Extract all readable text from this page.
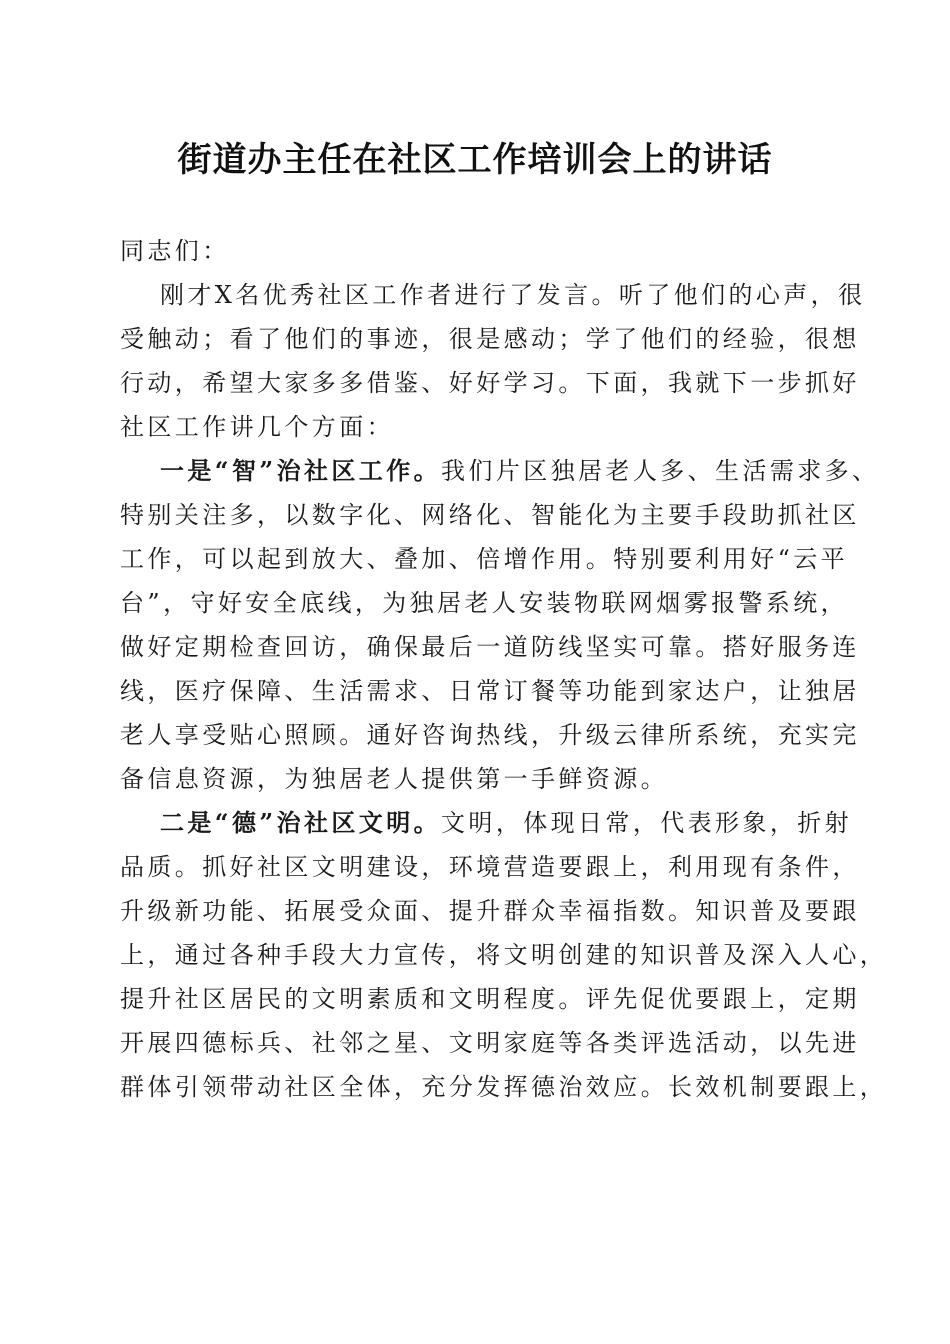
街道办主任在社区工作培训会上的讲话
同志们：
刚才X名优秀社区工作者进行了发言。听了他们的心声，很
受触动；看了他们的事迹，很是感动；学了他们的经验，很想
行动，希望大家多多借鉴、好好学习。下面，我就下一步抓好
社区工作讲几个方面：
一是“智”治社区工作。我们片区独居老人多、生活需求多、
特别关注多，以数字化、网络化、智能化为主要手段助抓社区
工作，可以起到放大、叠加、倍增作用。特别要利用好“云平
台”，守好安全底线，为独居老人安装物联网烟雾报警系统，
做好定期检查回访，确保最后一道防线坚实可靠。搭好服务连
线，医疗保障、生活需求、日常订餐等功能到家达户，让独居
老人享受贴心照顾。通好咨询热线，升级云律所系统，充实完
备信息资源，为独居老人提供第一手鲜资源。
二是“德”治社区文明。文明，体现日常，代表形象，折射
品质。抓好社区文明建设，环境营造要跟上，利用现有条件，
升级新功能、拓展受众面、提升群众幸福指数。知识普及要跟
上，通过各种手段大力宣传，将文明创建的知识普及深入人心，
提升社区居民的文明素质和文明程度。评先促优要跟上，定期
开展四德标兵、社邻之星、文明家庭等各类评选活动，以先进
群体引领带动社区全体，充分发挥德治效应。长效机制要跟上，
